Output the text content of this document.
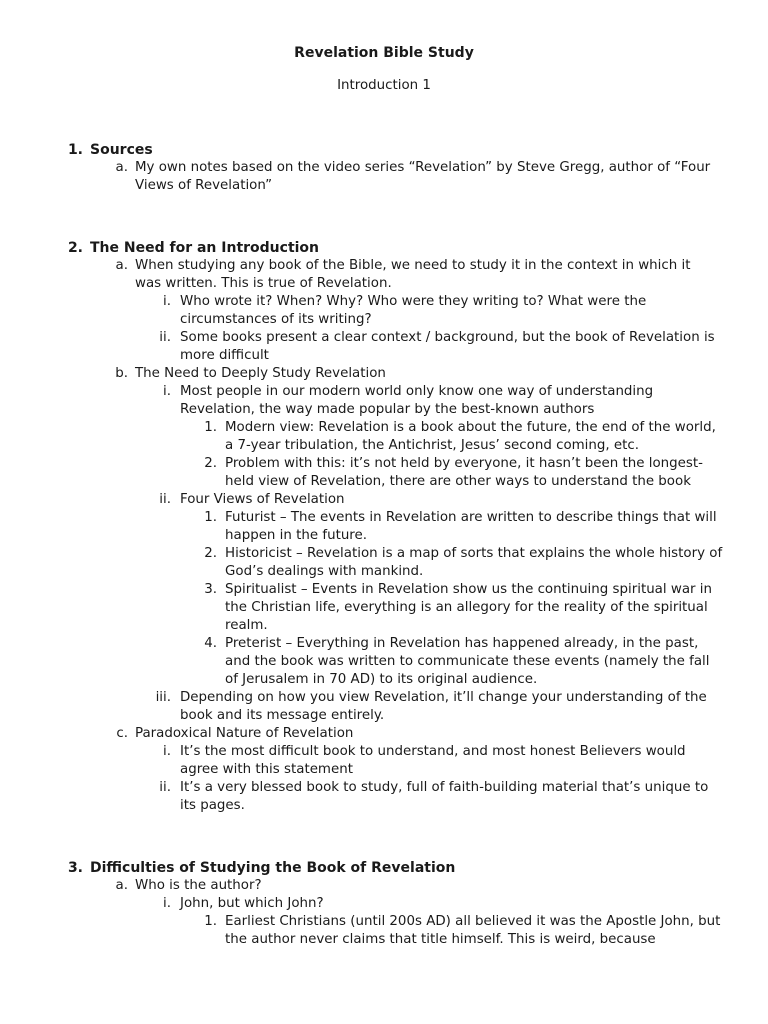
Revelation Bible Study
Introduction 1
1. Sources
a. My own notes based on the video series “Revelation” by Steve Gregg, author of “Four Views of Revelation”
2. The Need for an Introduction
a. When studying any book of the Bible, we need to study it in the context in which it was written. This is true of Revelation.
i. Who wrote it? When? Why? Who were they writing to? What were the circumstances of its writing?
ii. Some books present a clear context / background, but the book of Revelation is more difficult
b. The Need to Deeply Study Revelation
i. Most people in our modern world only know one way of understanding Revelation, the way made popular by the best-known authors
1. Modern view: Revelation is a book about the future, the end of the world, a 7-year tribulation, the Antichrist, Jesus’ second coming, etc.
2. Problem with this: it’s not held by everyone, it hasn’t been the longest-held view of Revelation, there are other ways to understand the book
ii. Four Views of Revelation
1. Futurist – The events in Revelation are written to describe things that will happen in the future.
2. Historicist – Revelation is a map of sorts that explains the whole history of God’s dealings with mankind.
3. Spiritualist – Events in Revelation show us the continuing spiritual war in the Christian life, everything is an allegory for the reality of the spiritual realm.
4. Preterist – Everything in Revelation has happened already, in the past, and the book was written to communicate these events (namely the fall of Jerusalem in 70 AD) to its original audience.
iii. Depending on how you view Revelation, it’ll change your understanding of the book and its message entirely.
c. Paradoxical Nature of Revelation
i. It’s the most difficult book to understand, and most honest Believers would agree with this statement
ii. It’s a very blessed book to study, full of faith-building material that’s unique to its pages.
3. Difficulties of Studying the Book of Revelation
a. Who is the author?
i. John, but which John?
1. Earliest Christians (until 200s AD) all believed it was the Apostle John, but the author never claims that title himself. This is weird, because
